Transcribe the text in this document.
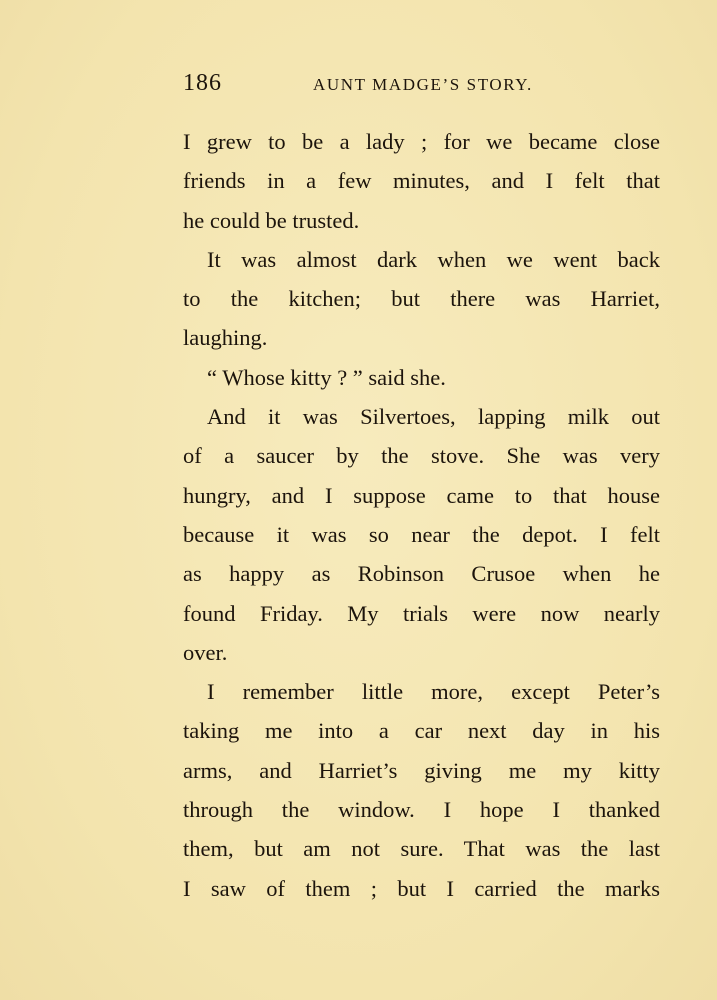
186	AUNT MADGE’S STORY.
I grew to be a lady ; for we became close
friends in a few minutes, and I felt that
he could be trusted.
It was almost dark when we went back
to the kitchen; but there was Harriet,
laughing.
“ Whose kitty ? ” said she.
And it was Silvertoes, lapping milk out
of a saucer by the stove. She was very
hungry, and I suppose came to that house
because it was so near the depot. I felt
as happy as Robinson Crusoe when he
found Friday. My trials were now nearly
over.
I remember little more, except Peter’s
taking me into a car next day in his
arms, and Harriet’s giving me my kitty
through the window. I hope I thanked
them, but am not sure. That was the last
I saw of them ; but I carried the marks
